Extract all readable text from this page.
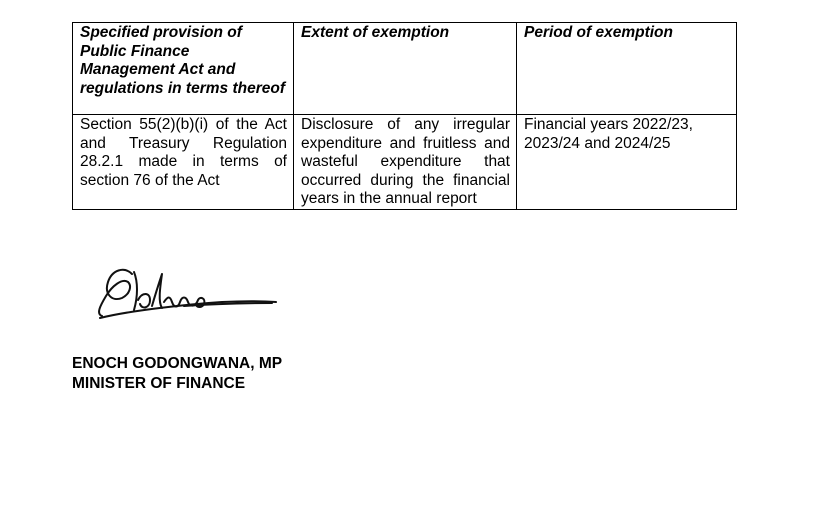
Specified provision of Public Finance Management Act and regulations in terms thereof	Extent of exemption	Period of exemption
Section 55(2)(b)(i) of the Act and Treasury Regulation 28.2.1 made in terms of section 76 of the Act	Disclosure of any irregular expenditure and fruitless and wasteful expenditure that occurred during the financial years in the annual report	Financial years 2022/23, 2023/24 and 2024/25
ENOCH GODONGWANA, MP
MINISTER OF FINANCE
